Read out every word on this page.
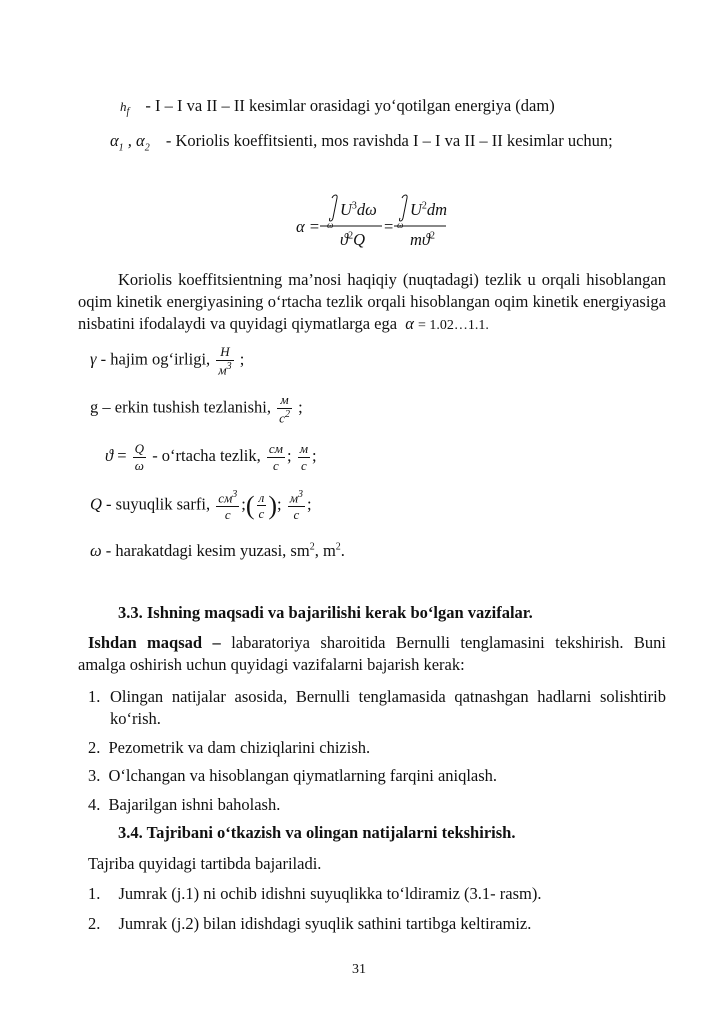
$h_f$ - I – I va II – II kesimlar orasidagi yo‘qotilgan energiya (dam)
$\alpha_1$ , $\alpha_2$ - Koriolis koeffitsienti, mos ravishda I – I va II – II kesimlar uchun;
α =
$U^3d\omega$
ω
$ϑ^2Q$
=
$U^2dm$
ω
$mϑ^2$
Koriolis koeffitsientning ma’nosi haqiqiy (nuqtadagi) tezlik u orqali hisoblangan oqim kinetik energiyasining o‘rtacha tezlik orqali hisoblangan oqim kinetik energiyasiga nisbatini ifodalaydi va quyidagi qiymatlarga ega α = 1.02…1.1.
γ - hajim og‘irligi, $\frac{H}{м^3}$ ;
g – erkin tushish tezlanishi, $\frac{м}{c^2}$ ;
$ϑ = \frac{Q}{\omega}$ - o‘rtacha tezlik, $\frac{см}{c}$ ; $\frac{м}{c}$ ;
Q - suyuqlik sarfi, $\frac{см^3}{c}$ ;( $\frac{л}{c}$ ); $\frac{м^3}{c}$ ;
ω - harakatdagi kesim yuzasi, $sm^2$, $m^2$.
3.3. Ishning maqsadi va bajarilishi kerak bo‘lgan vazifalar.
Ishdan maqsad – labaratoriya sharoitida Bernulli tenglamasini tekshirish. Buni amalga oshirish uchun quyidagi vazifalarni bajarish kerak:
1. Olingan natijalar asosida, Bernulli tenglamasida qatnashgan hadlarni solishtirib ko‘rish.
2. Pezometrik va dam chiziqlarini chizish.
3. O‘lchangan va hisoblangan qiymatlarning farqini aniqlash.
4. Bajarilgan ishni baholash.
3.4. Tajribani o‘tkazish va olingan natijalarni tekshirish.
Tajriba quyidagi tartibda bajariladi.
1. Jumrak (j.1) ni ochib idishni suyuqlikka to‘ldiramiz (3.1- rasm).
2. Jumrak (j.2) bilan idishdagi syuqlik sathini tartibga keltiramiz.
31
